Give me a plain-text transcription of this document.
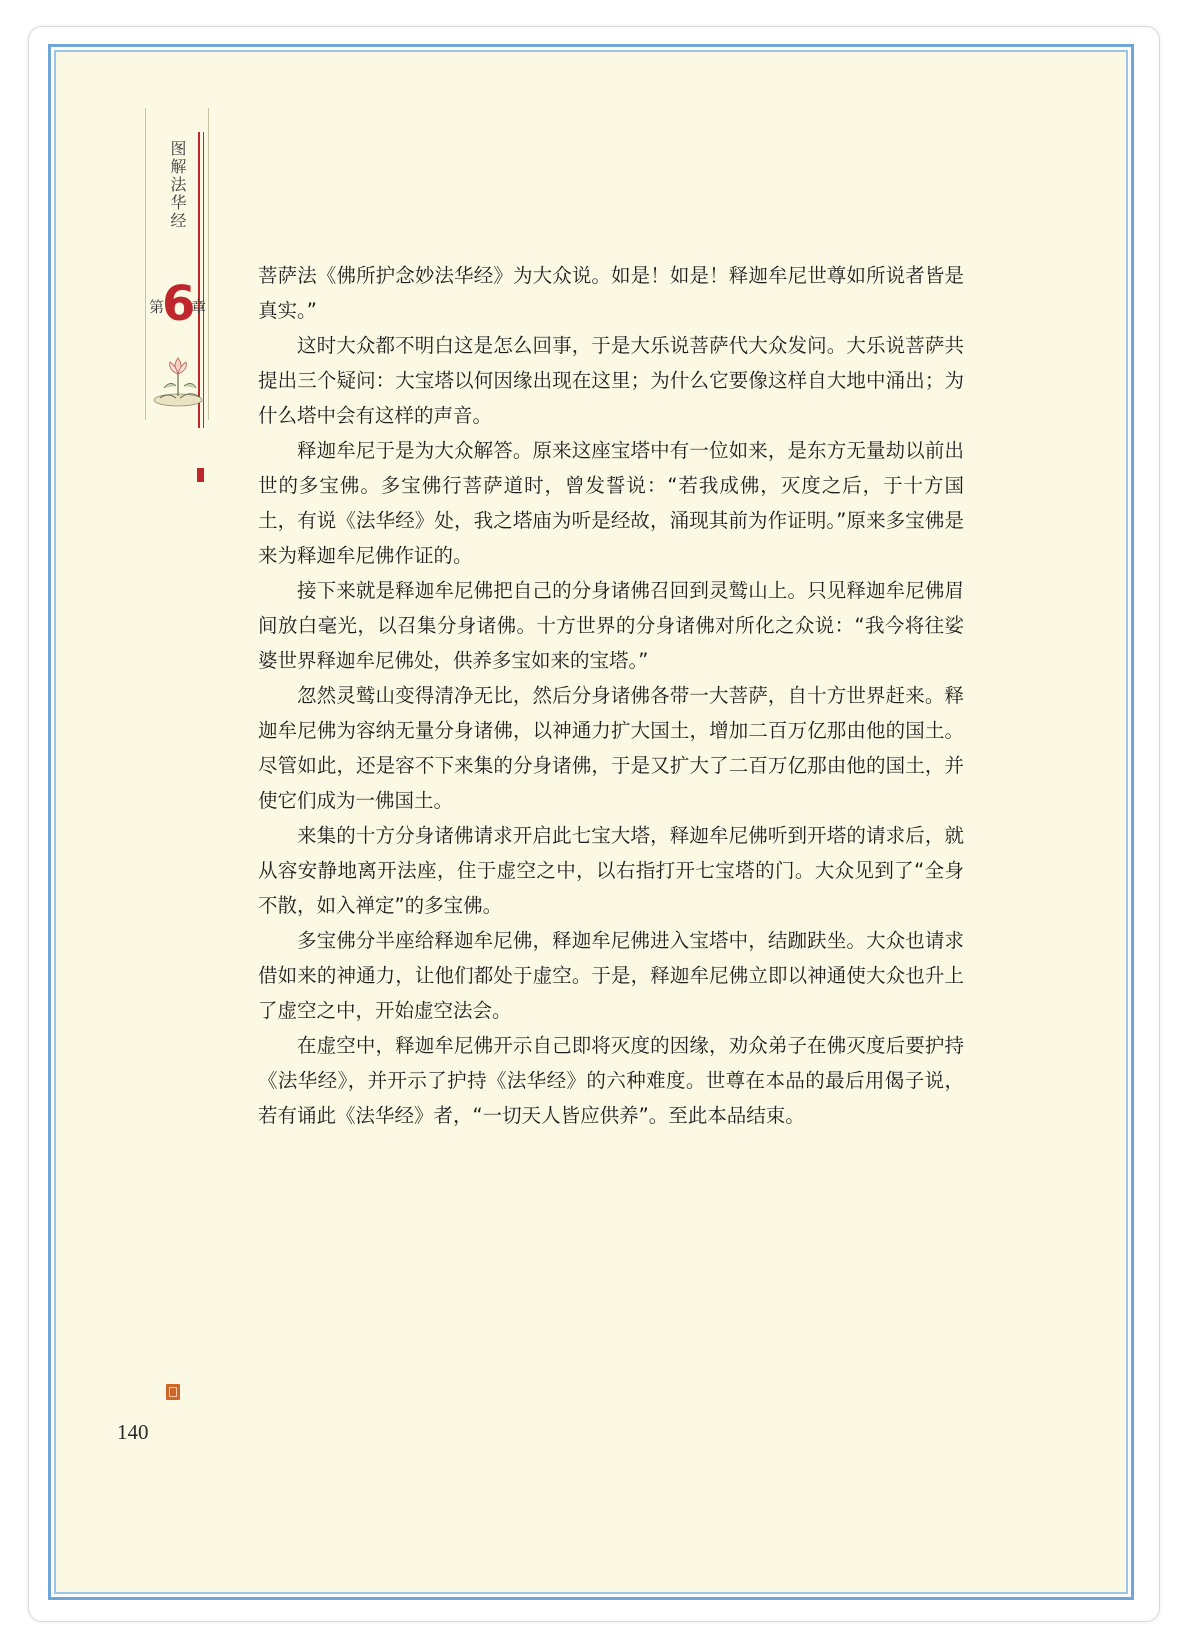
图解法华经
第
6
章

菩萨法《佛所护念妙法华经》为大众说。如是！如是！释迦牟尼世尊如所说者皆是真实。”

这时大众都不明白这是怎么回事，于是大乐说菩萨代大众发问。大乐说菩萨共提出三个疑问：大宝塔以何因缘出现在这里；为什么它要像这样自大地中涌出；为什么塔中会有这样的声音。

释迦牟尼于是为大众解答。原来这座宝塔中有一位如来，是东方无量劫以前出世的多宝佛。多宝佛行菩萨道时，曾发誓说：“若我成佛，灭度之后，于十方国土，有说《法华经》处，我之塔庙为听是经故，涌现其前为作证明。”原来多宝佛是来为释迦牟尼佛作证的。

接下来就是释迦牟尼佛把自己的分身诸佛召回到灵鹫山上。只见释迦牟尼佛眉间放白毫光，以召集分身诸佛。十方世界的分身诸佛对所化之众说：“我今将往娑婆世界释迦牟尼佛处，供养多宝如来的宝塔。”

忽然灵鹫山变得清净无比，然后分身诸佛各带一大菩萨，自十方世界赶来。释迦牟尼佛为容纳无量分身诸佛，以神通力扩大国土，增加二百万亿那由他的国土。尽管如此，还是容不下来集的分身诸佛，于是又扩大了二百万亿那由他的国土，并使它们成为一佛国土。

来集的十方分身诸佛请求开启此七宝大塔，释迦牟尼佛听到开塔的请求后，就从容安静地离开法座，住于虚空之中，以右指打开七宝塔的门。大众见到了“全身不散，如入禅定”的多宝佛。

多宝佛分半座给释迦牟尼佛，释迦牟尼佛进入宝塔中，结跏趺坐。大众也请求借如来的神通力，让他们都处于虚空。于是，释迦牟尼佛立即以神通使大众也升上了虚空之中，开始虚空法会。

在虚空中，释迦牟尼佛开示自己即将灭度的因缘，劝众弟子在佛灭度后要护持《法华经》，并开示了护持《法华经》的六种难度。世尊在本品的最后用偈子说，若有诵此《法华经》者，“一切天人皆应供养”。至此本品结束。

140
